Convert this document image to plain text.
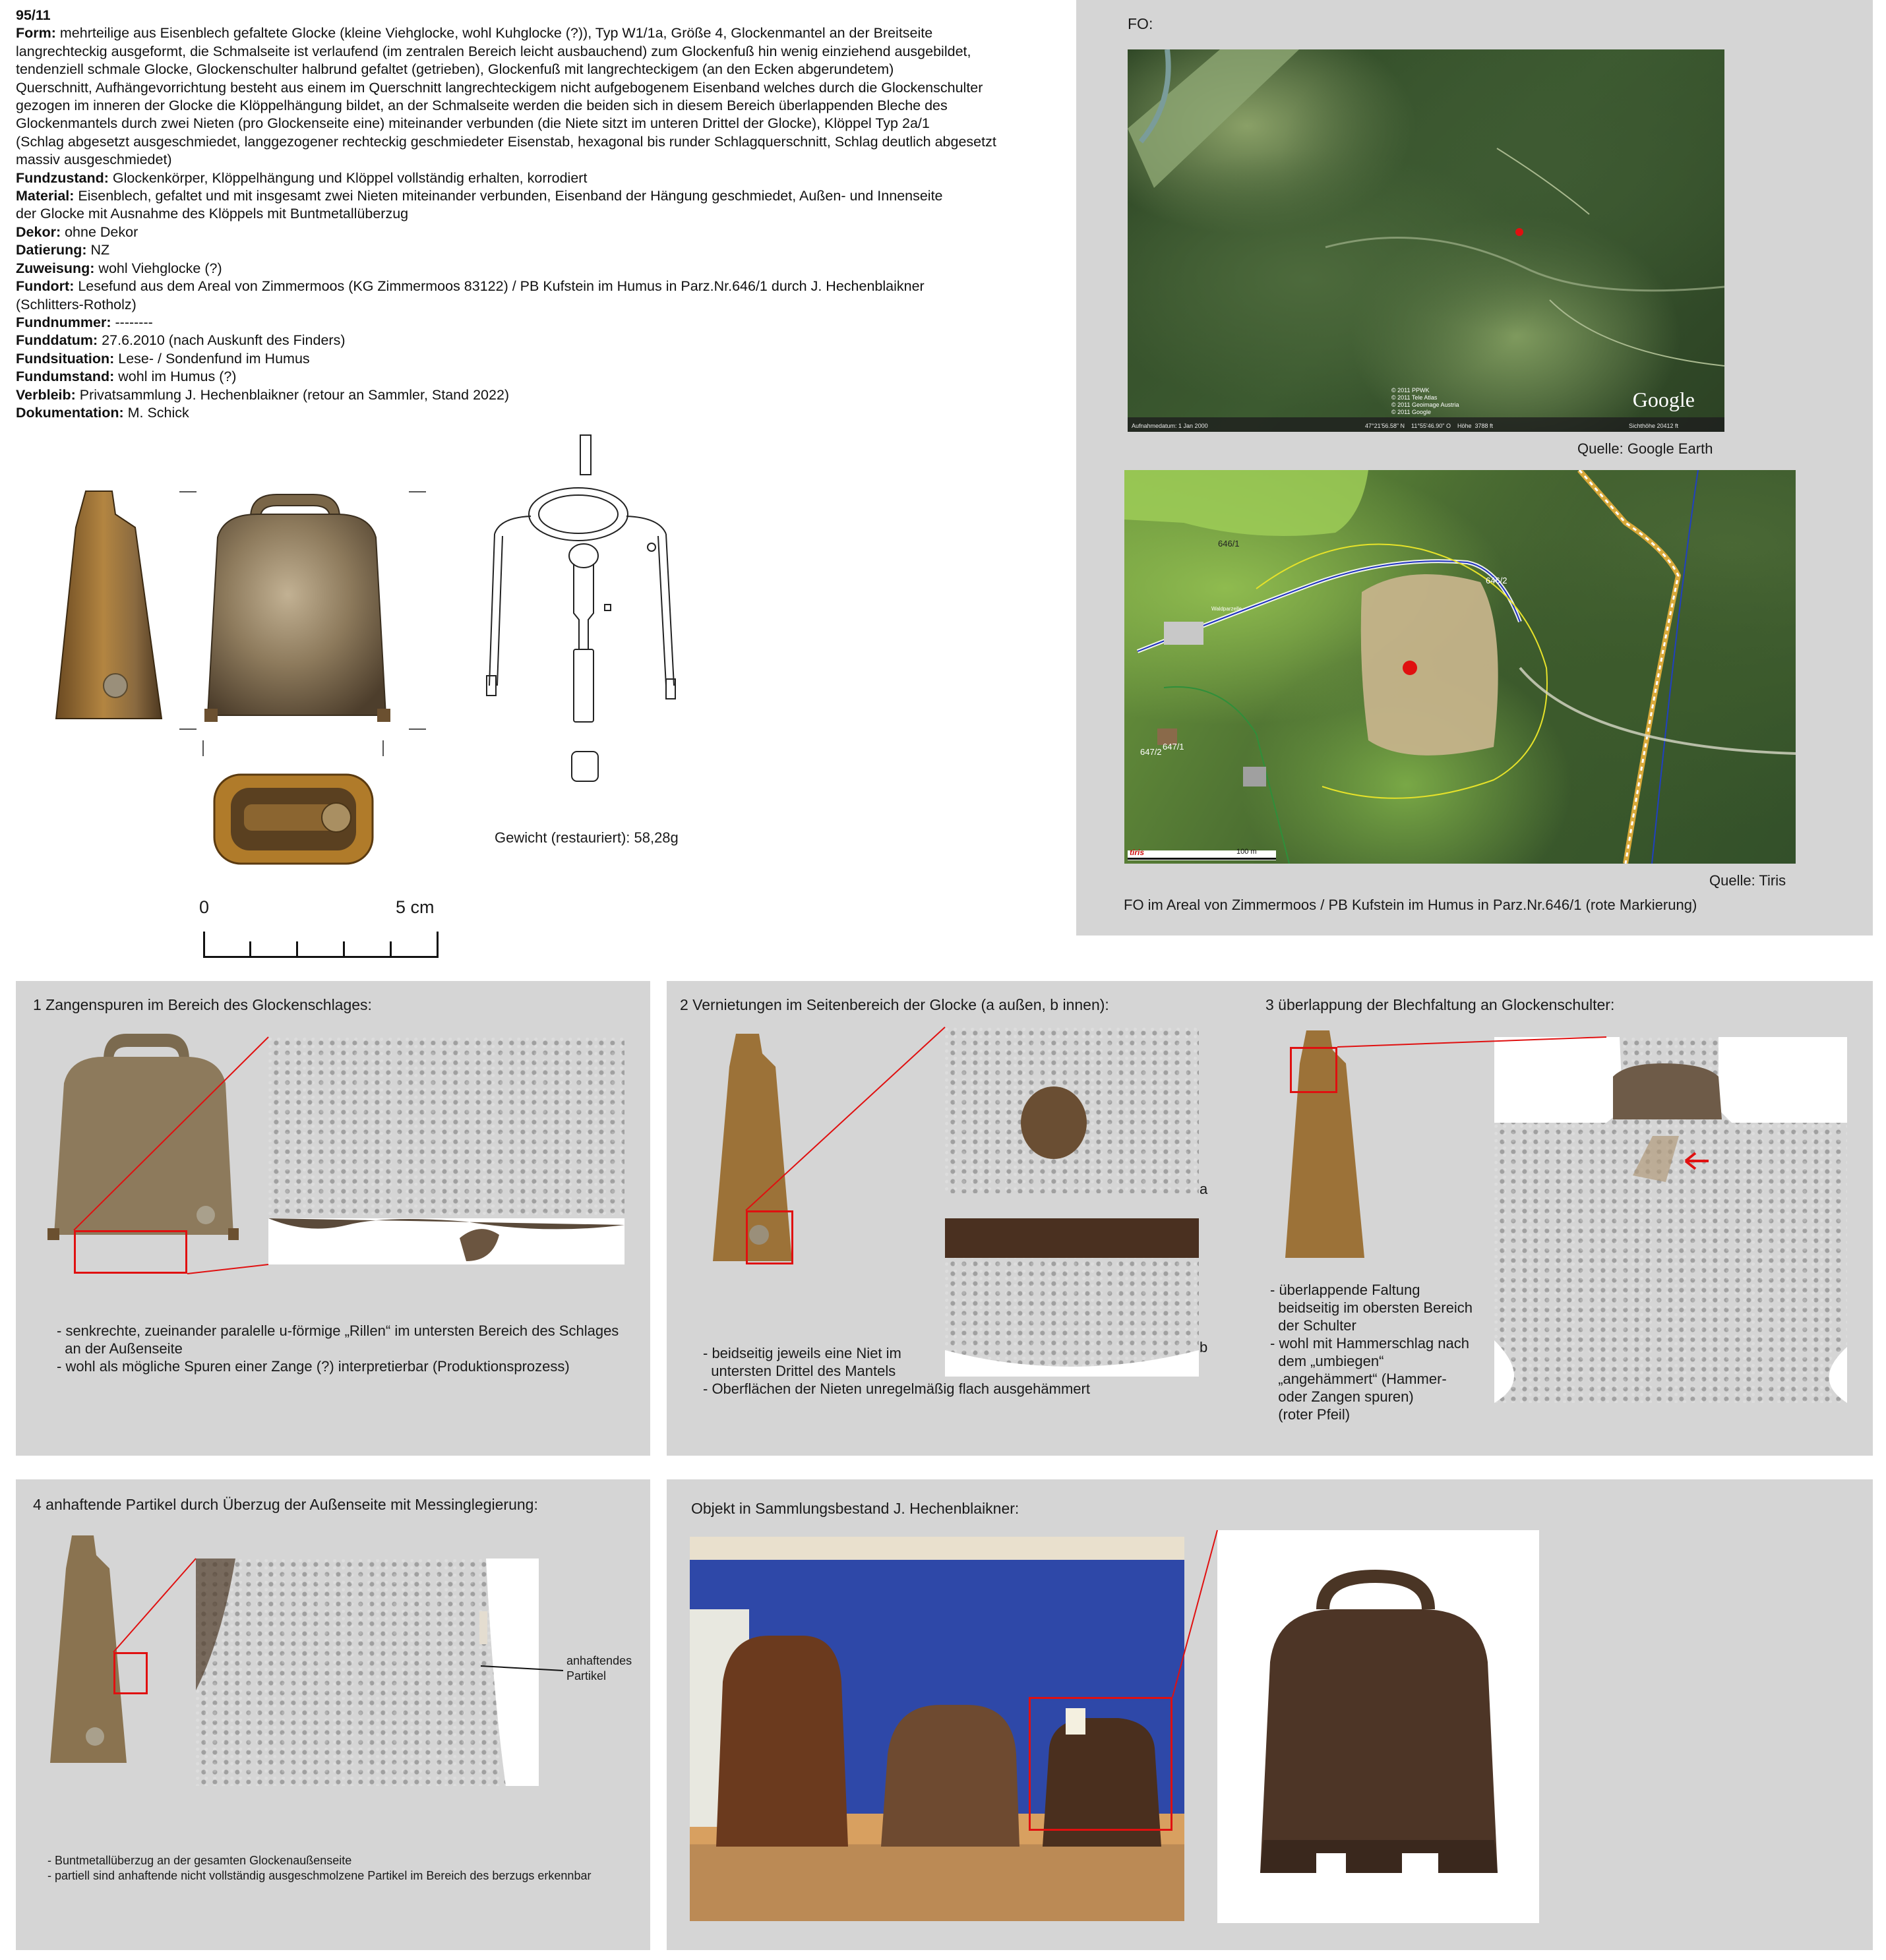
95/11
Form: mehrteilige aus Eisenblech gefaltete Glocke (kleine Viehglocke, wohl Kuhglocke (?)), Typ W1/1a, Größe 4, Glockenmantel an der Breitseite
langrechteckig ausgeformt, die Schmalseite ist verlaufend (im zentralen Bereich leicht ausbauchend) zum Glockenfuß hin wenig einziehend ausgebildet,
tendenziell schmale Glocke, Glockenschulter halbrund gefaltet (getrieben), Glockenfuß mit langrechteckigem (an den Ecken abgerundetem)
Querschnitt, Aufhängevorrichtung besteht aus einem im Querschnitt langrechteckigem nicht aufgebogenem Eisenband welches durch die Glockenschulter
gezogen im inneren der Glocke die Klöppelhängung bildet, an der Schmalseite werden die beiden sich in diesem Bereich überlappenden Bleche des
Glockenmantels durch zwei Nieten (pro Glockenseite eine) miteinander verbunden (die Niete sitzt im unteren Drittel der Glocke), Klöppel Typ 2a/1
(Schlag abgesetzt ausgeschmiedet, langgezogener rechteckig geschmiedeter Eisenstab, hexagonal bis runder Schlagquerschnitt, Schlag deutlich abgesetzt
massiv ausgeschmiedet)
Fundzustand: Glockenkörper, Klöppelhängung und Klöppel vollständig erhalten, korrodiert
Material: Eisenblech, gefaltet und mit insgesamt zwei Nieten miteinander verbunden, Eisenband der Hängung geschmiedet, Außen- und Innenseite
der Glocke mit Ausnahme des Klöppels mit Buntmetallüberzug
Dekor: ohne Dekor
Datierung: NZ
Zuweisung: wohl Viehglocke (?)
Fundort: Lesefund aus dem Areal von Zimmermoos (KG Zimmermoos 83122) / PB Kufstein im Humus in Parz.Nr.646/1 durch J. Hechenblaikner
(Schlitters-Rotholz)
Fundnummer: --------
Funddatum: 27.6.2010 (nach Auskunft des Finders)
Fundsituation: Lese- / Sondenfund im Humus
Fundumstand: wohl im Humus (?)
Verbleib: Privatsammlung J. Hechenblaikner (retour an Sammler, Stand 2022)
Dokumentation: M. Schick
Gewicht (restauriert): 58,28g
0	5 cm
FO:
Google
© 2011 PPWK
© 2011 Tele Atlas
© 2011 Geoimage Austria
© 2011 Google
Aufnahmedatum: 1 Jan 2000	47°21'56.58" N    11°55'46.90" O    Höhe  3788 ft	Sichthöhe 20412 ft
Quelle: Google Earth
646/1
646/2
647/2
647/1
Waldparzelle
tiris	100 m
Quelle: Tiris
FO im Areal von Zimmermoos / PB Kufstein im Humus in Parz.Nr.646/1 (rote Markierung)
1 Zangenspuren im Bereich des Glockenschlages:
- senkrechte, zueinander paralelle u-förmige „Rillen“ im untersten Bereich des Schlages
an der Außenseite
- wohl als mögliche Spuren einer Zange (?) interpretierbar (Produktionsprozess)
2 Vernietungen im Seitenbereich der Glocke (a außen, b innen):
a
b
- beidseitig jeweils eine Niet im
untersten Drittel des Mantels
- Oberflächen der Nieten unregelmäßig flach ausgehämmert
3 überlappung der Blechfaltung an Glockenschulter:
- überlappende Faltung
beidseitig im obersten Bereich
der Schulter
- wohl mit Hammerschlag nach
dem „umbiegen“
„angehämmert“ (Hammer-
oder Zangen spuren)
(roter Pfeil)
4 anhaftende Partikel durch Überzug der Außenseite mit Messinglegierung:
anhaftendes
Partikel
- Buntmetallüberzug an der gesamten Glockenaußenseite
- partiell sind anhaftende nicht vollständig ausgeschmolzene Partikel im Bereich des berzugs erkennbar
Objekt in Sammlungsbestand J. Hechenblaikner:
